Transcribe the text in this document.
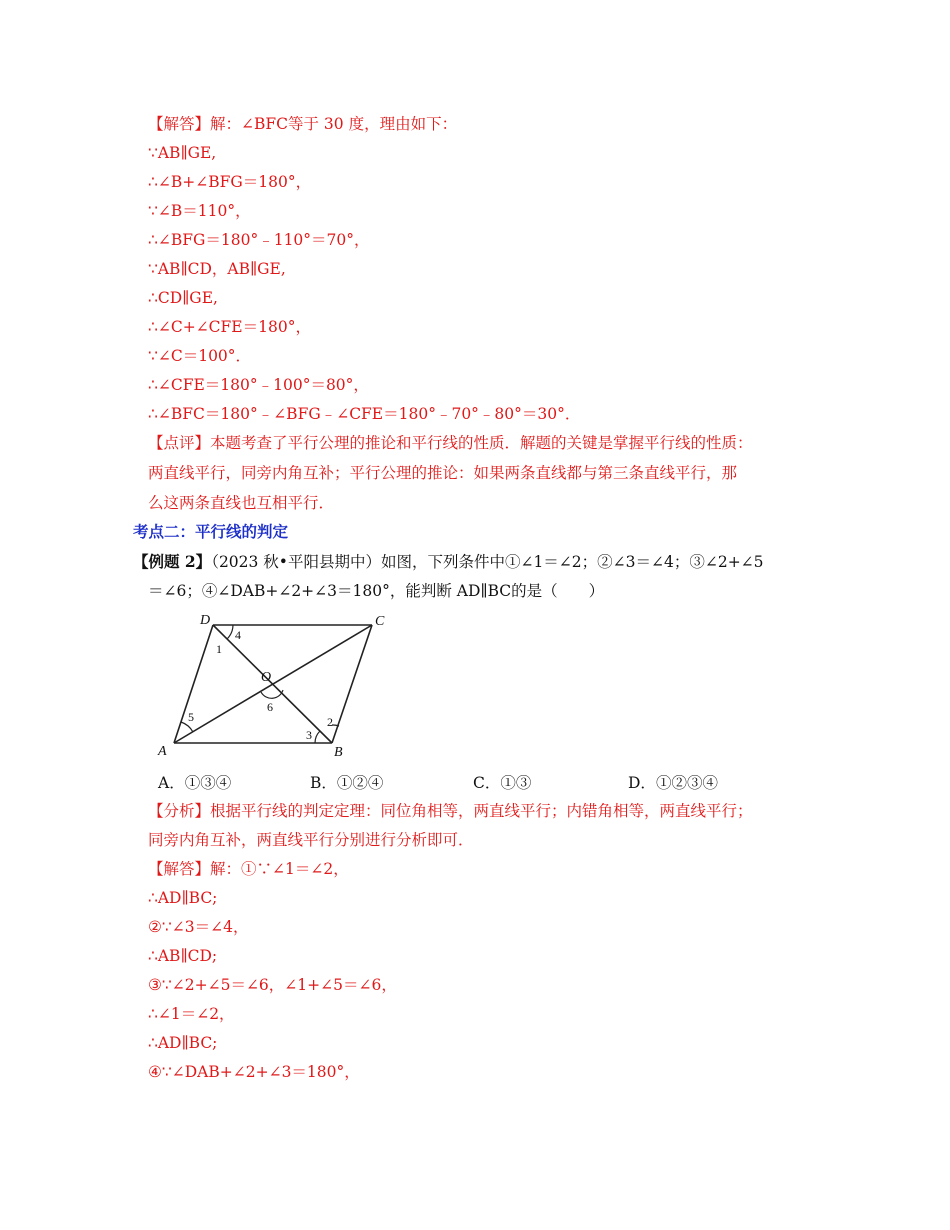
【解答】解：∠BFC等于 30 度，理由如下：
∵AB∥GE,
∴∠B+∠BFG＝180°，
∵∠B＝110°，
∴∠BFG＝180°﹣110°＝70°，
∵AB∥CD，AB∥GE,
∴CD∥GE,
∴∠C+∠CFE＝180°，
∵∠C＝100°．
∴∠CFE＝180°﹣100°＝80°，
∴∠BFC＝180°﹣∠BFG﹣∠CFE＝180°﹣70°﹣80°＝30°．
【点评】本题考查了平行公理的推论和平行线的性质．解题的关键是掌握平行线的性质：
两直线平行，同旁内角互补；平行公理的推论：如果两条直线都与第三条直线平行，那
么这两条直线也互相平行．
考点二：平行线的判定
【例题 2】（2023 秋•平阳县期中）如图，下列条件中①∠1＝∠2；②∠3＝∠4；③∠2+∠5
＝∠6；④∠DAB+∠2+∠3＝180°，能判断 AD∥BC的是（　　）
D	C
A	B
O
4
1
5
6
2
3
A．①③④	B．①②④	C．①③	D．①②③④
【分析】根据平行线的判定定理：同位角相等，两直线平行；内错角相等，两直线平行；
同旁内角互补，两直线平行分别进行分析即可．
【解答】解：①∵∠1＝∠2，
∴AD∥BC;
②∵∠3＝∠4，
∴AB∥CD;
③∵∠2+∠5＝∠6，∠1+∠5＝∠6，
∴∠1＝∠2，
∴AD∥BC;
④∵∠DAB+∠2+∠3＝180°，
